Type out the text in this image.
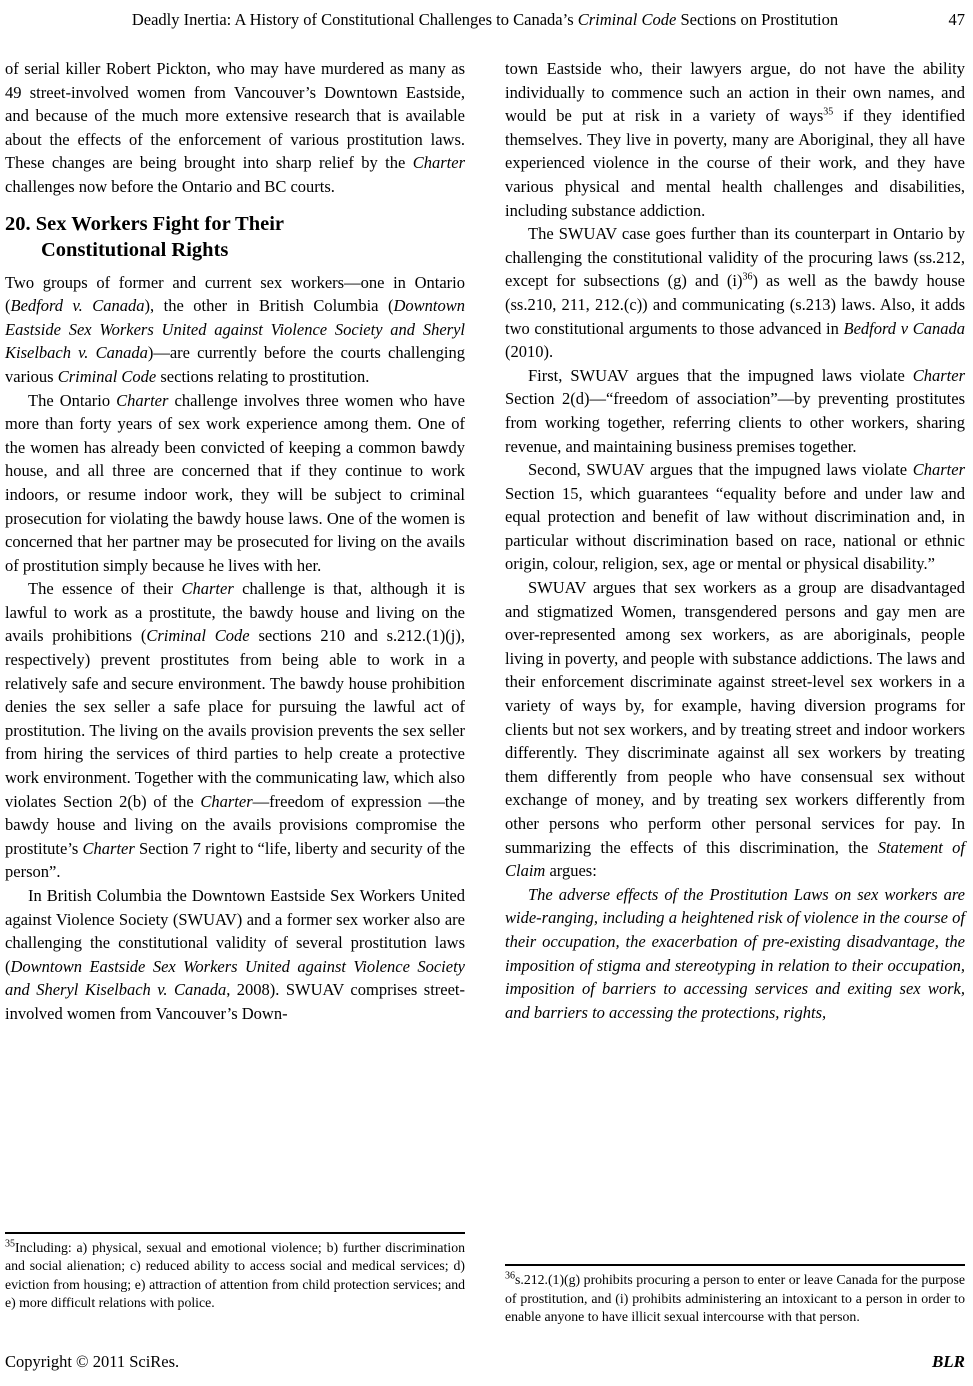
Deadly Inertia: A History of Constitutional Challenges to Canada’s Criminal Code Sections on Prostitution	47

of serial killer Robert Pickton, who may have murdered as many as 49 street-involved women from Vancouver’s Downtown Eastside, and because of the much more extensive research that is available about the effects of the enforcement of various prostitution laws. These changes are being brought into sharp relief by the Charter challenges now before the Ontario and BC courts.

20. Sex Workers Fight for Their
Constitutional Rights

Two groups of former and current sex workers—one in Ontario (Bedford v. Canada), the other in British Columbia (Downtown Eastside Sex Workers United against Violence Society and Sheryl Kiselbach v. Canada)—are currently before the courts challenging various Criminal Code sections relating to prostitution.

The Ontario Charter challenge involves three women who have more than forty years of sex work experience among them. One of the women has already been convicted of keeping a common bawdy house, and all three are concerned that if they continue to work indoors, or resume indoor work, they will be subject to criminal prosecution for violating the bawdy house laws. One of the women is concerned that her partner may be prosecuted for living on the avails of prostitution simply because he lives with her.

The essence of their Charter challenge is that, although it is lawful to work as a prostitute, the bawdy house and living on the avails prohibitions (Criminal Code sections 210 and s.212.(1)(j), respectively) prevent prostitutes from being able to work in a relatively safe and secure environment. The bawdy house prohibition denies the sex seller a safe place for pursuing the lawful act of prostitution. The living on the avails provision prevents the sex seller from hiring the services of third parties to help create a protective work environment. Together with the communicating law, which also violates Section 2(b) of the Charter—freedom of expression —the bawdy house and living on the avails provisions compromise the prostitute’s Charter Section 7 right to “life, liberty and security of the person”.

In British Columbia the Downtown Eastside Sex Workers United against Violence Society (SWUAV) and a former sex worker also are challenging the constitutional validity of several prostitution laws (Downtown Eastside Sex Workers United against Violence Society and Sheryl Kiselbach v. Canada, 2008). SWUAV comprises street-involved women from Vancouver’s Down-

$^{35}$Including: a) physical, sexual and emotional violence; b) further discrimination and social alienation; c) reduced ability to access social and medical services; d) eviction from housing; e) attraction of attention from child protection services; and e) more difficult relations with police.

town Eastside who, their lawyers argue, do not have the ability individually to commence such an action in their own names, and would be put at risk in a variety of ways$^{35}$ if they identified themselves. They live in poverty, many are Aboriginal, they all have experienced violence in the course of their work, and they have various physical and mental health challenges and disabilities, including substance addiction.

The SWUAV case goes further than its counterpart in Ontario by challenging the constitutional validity of the procuring laws (ss.212, except for subsections (g) and $(i)^{36}$) as well as the bawdy house (ss.210, 211, 212.(c)) and communicating (s.213) laws. Also, it adds two constitutional arguments to those advanced in Bedford v Canada (2010).

First, SWUAV argues that the impugned laws violate Charter Section 2(d)—“freedom of association”—by preventing prostitutes from working together, referring clients to other workers, sharing revenue, and maintaining business premises together.

Second, SWUAV argues that the impugned laws violate Charter Section 15, which guarantees “equality before and under law and equal protection and benefit of law without discrimination and, in particular without discrimination based on race, national or ethnic origin, colour, religion, sex, age or mental or physical disability.”

SWUAV argues that sex workers as a group are disadvantaged and stigmatized Women, transgendered persons and gay men are over-represented among sex workers, as are aboriginals, people living in poverty, and people with substance addictions. The laws and their enforcement discriminate against street-level sex workers in a variety of ways by, for example, having diversion programs for clients but not sex workers, and by treating street and indoor workers differently. They discriminate against all sex workers by treating them differently from people who have consensual sex without exchange of money, and by treating sex workers differently from other persons who perform other personal services for pay. In summarizing the effects of this discrimination, the Statement of Claim argues:

The adverse effects of the Prostitution Laws on sex workers are wide-ranging, including a heightened risk of violence in the course of their occupation, the exacerbation of pre-existing disadvantage, the imposition of stigma and stereotyping in relation to their occupation, imposition of barriers to accessing services and exiting sex work, and barriers to accessing the protections, rights,

$^{36}$s.212.(1)(g) prohibits procuring a person to enter or leave Canada for the purpose of prostitution, and (i) prohibits administering an intoxicant to a person in order to enable anyone to have illicit sexual intercourse with that person.
Copyright © 2011 SciRes.	BLR
